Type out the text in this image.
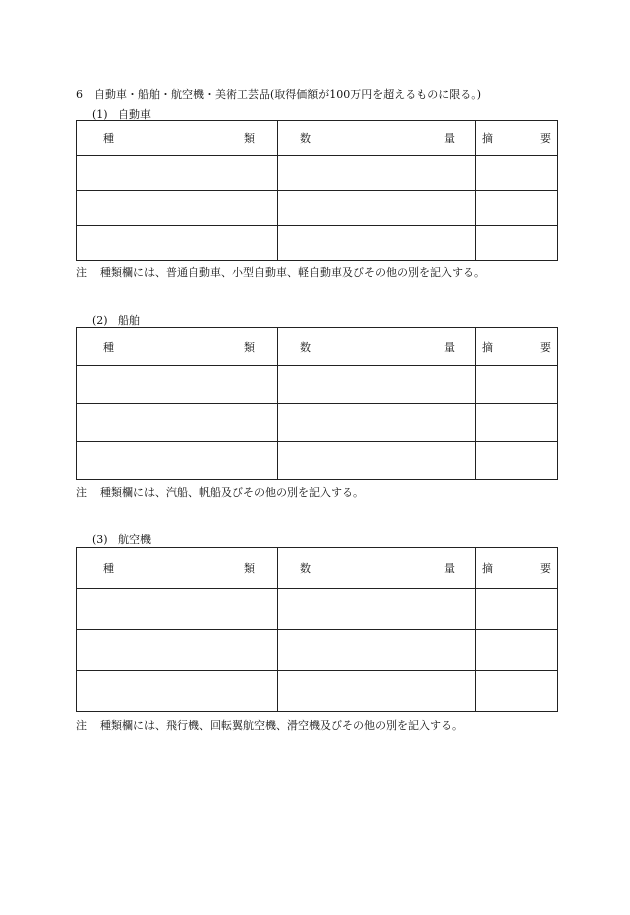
6　自動車・船舶・航空機・美術工芸品(取得価額が100万円を超えるものに限る。)
(1) 自動車
種 類	数 量	摘 要

注 種類欄には、普通自動車、小型自動車、軽自動車及びその他の別を記入する。
(2) 船舶
種 類	数 量	摘 要

注 種類欄には、汽船、帆船及びその他の別を記入する。
(3) 航空機
種 類	数 量	摘 要

注 種類欄には、飛行機、回転翼航空機、滑空機及びその他の別を記入する。
